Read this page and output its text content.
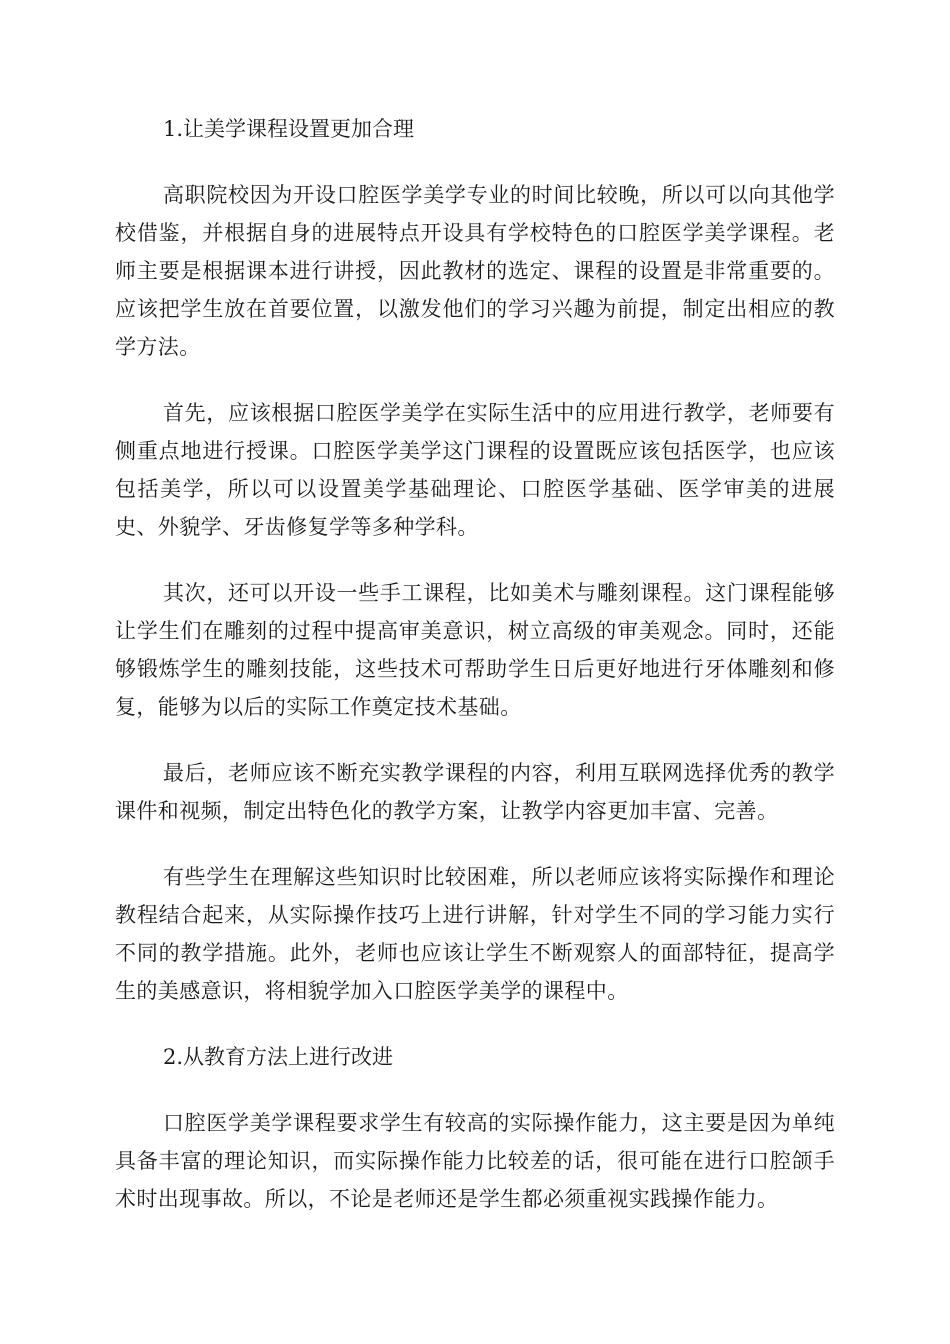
1.让美学课程设置更加合理

高职院校因为开设口腔医学美学专业的时间比较晚，所以可以向其他学校借鉴，并根据自身的进展特点开设具有学校特色的口腔医学美学课程。老师主要是根据课本进行讲授，因此教材的选定、课程的设置是非常重要的。应该把学生放在首要位置，以激发他们的学习兴趣为前提，制定出相应的教学方法。

首先，应该根据口腔医学美学在实际生活中的应用进行教学，老师要有侧重点地进行授课。口腔医学美学这门课程的设置既应该包括医学，也应该包括美学，所以可以设置美学基础理论、口腔医学基础、医学审美的进展史、外貌学、牙齿修复学等多种学科。

其次，还可以开设一些手工课程，比如美术与雕刻课程。这门课程能够让学生们在雕刻的过程中提高审美意识，树立高级的审美观念。同时，还能够锻炼学生的雕刻技能，这些技术可帮助学生日后更好地进行牙体雕刻和修复，能够为以后的实际工作奠定技术基础。

最后，老师应该不断充实教学课程的内容，利用互联网选择优秀的教学课件和视频，制定出特色化的教学方案，让教学内容更加丰富、完善。

有些学生在理解这些知识时比较困难，所以老师应该将实际操作和理论教程结合起来，从实际操作技巧上进行讲解，针对学生不同的学习能力实行不同的教学措施。此外，老师也应该让学生不断观察人的面部特征，提高学生的美感意识，将相貌学加入口腔医学美学的课程中。

2.从教育方法上进行改进

口腔医学美学课程要求学生有较高的实际操作能力，这主要是因为单纯具备丰富的理论知识，而实际操作能力比较差的话，很可能在进行口腔颌手术时出现事故。所以，不论是老师还是学生都必须重视实践操作能力。
